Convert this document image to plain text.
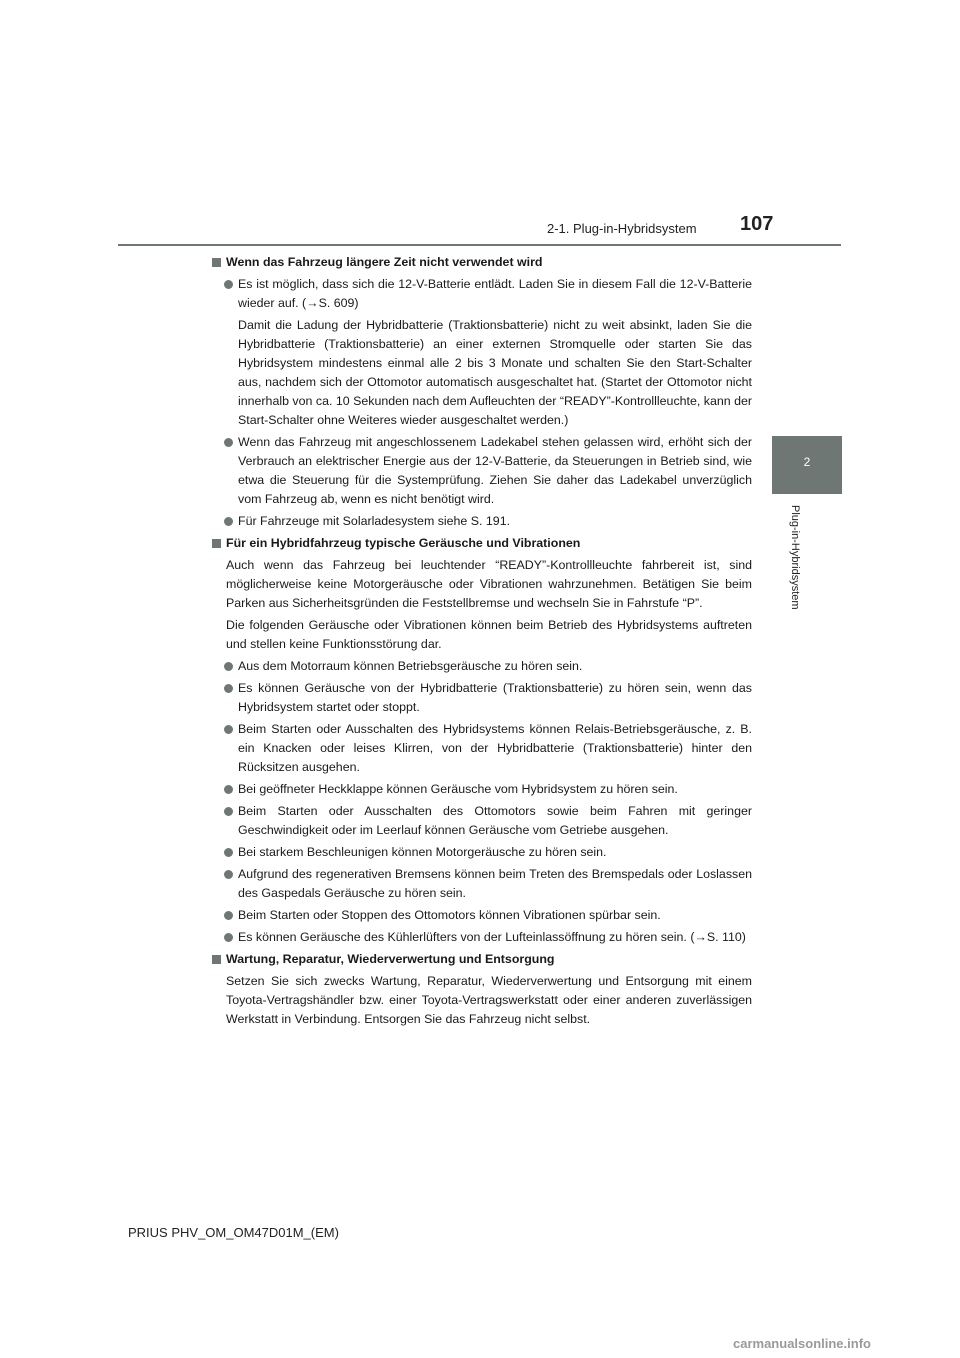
2-1. Plug-in-Hybridsystem 107
2
Plug-in-Hybridsystem
Wenn das Fahrzeug längere Zeit nicht verwendet wird
Es ist möglich, dass sich die 12-V-Batterie entlädt. Laden Sie in diesem Fall die 12-V-Batterie wieder auf. (→S. 609)
Damit die Ladung der Hybridbatterie (Traktionsbatterie) nicht zu weit absinkt, laden Sie die Hybridbatterie (Traktionsbatterie) an einer externen Stromquelle oder starten Sie das Hybridsystem mindestens einmal alle 2 bis 3 Monate und schalten Sie den Start-Schalter aus, nachdem sich der Ottomotor automatisch ausgeschaltet hat. (Startet der Ottomotor nicht innerhalb von ca. 10 Sekunden nach dem Aufleuchten der “READY”-Kontrollleuchte, kann der Start-Schalter ohne Weiteres wieder ausgeschaltet werden.)
Wenn das Fahrzeug mit angeschlossenem Ladekabel stehen gelassen wird, erhöht sich der Verbrauch an elektrischer Energie aus der 12-V-Batterie, da Steuerungen in Betrieb sind, wie etwa die Steuerung für die Systemprüfung. Ziehen Sie daher das Ladekabel unverzüglich vom Fahrzeug ab, wenn es nicht benötigt wird.
Für Fahrzeuge mit Solarladesystem siehe S. 191.
Für ein Hybridfahrzeug typische Geräusche und Vibrationen
Auch wenn das Fahrzeug bei leuchtender “READY”-Kontrollleuchte fahrbereit ist, sind möglicherweise keine Motorgeräusche oder Vibrationen wahrzunehmen. Betätigen Sie beim Parken aus Sicherheitsgründen die Feststellbremse und wechseln Sie in Fahrstufe “P”.
Die folgenden Geräusche oder Vibrationen können beim Betrieb des Hybridsystems auftreten und stellen keine Funktionsstörung dar.
Aus dem Motorraum können Betriebsgeräusche zu hören sein.
Es können Geräusche von der Hybridbatterie (Traktionsbatterie) zu hören sein, wenn das Hybridsystem startet oder stoppt.
Beim Starten oder Ausschalten des Hybridsystems können Relais-Betriebsgeräusche, z. B. ein Knacken oder leises Klirren, von der Hybridbatterie (Traktionsbatterie) hinter den Rücksitzen ausgehen.
Bei geöffneter Heckklappe können Geräusche vom Hybridsystem zu hören sein.
Beim Starten oder Ausschalten des Ottomotors sowie beim Fahren mit geringer Geschwindigkeit oder im Leerlauf können Geräusche vom Getriebe ausgehen.
Bei starkem Beschleunigen können Motorgeräusche zu hören sein.
Aufgrund des regenerativen Bremsens können beim Treten des Bremspedals oder Loslassen des Gaspedals Geräusche zu hören sein.
Beim Starten oder Stoppen des Ottomotors können Vibrationen spürbar sein.
Es können Geräusche des Kühlerlüfters von der Lufteinlassöffnung zu hören sein. (→S. 110)
Wartung, Reparatur, Wiederverwertung und Entsorgung
Setzen Sie sich zwecks Wartung, Reparatur, Wiederverwertung und Entsorgung mit einem Toyota-Vertragshändler bzw. einer Toyota-Vertragswerkstatt oder einer anderen zuverlässigen Werkstatt in Verbindung. Entsorgen Sie das Fahrzeug nicht selbst.
PRIUS PHV_OM_OM47D01M_(EM)
carmanualsonline.info
